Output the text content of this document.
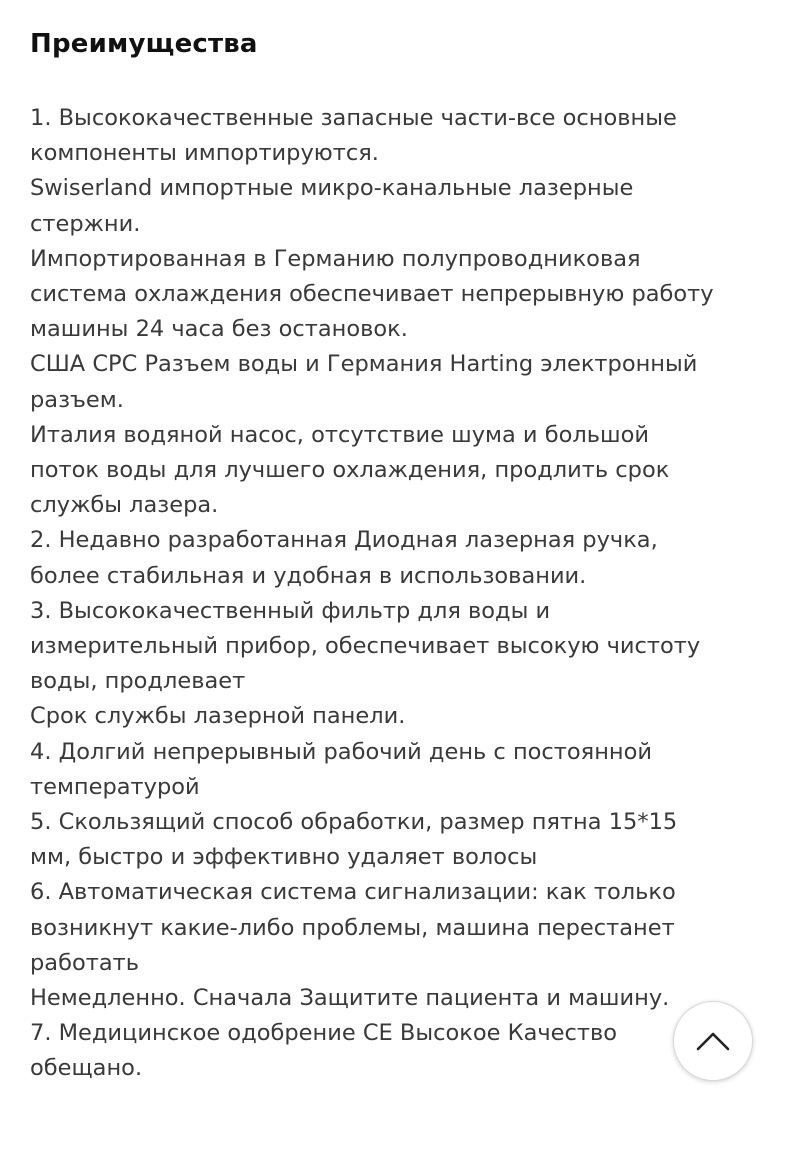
Преимущества
1. Высококачественные запасные части-все основные
компоненты импортируются.
Swiserland импортные микро-канальные лазерные
стержни.
Импортированная в Германию полупроводниковая
система охлаждения обеспечивает непрерывную работу
машины 24 часа без остановок.
США CPC Разъем воды и Германия Harting электронный
разъем.
Италия водяной насос, отсутствие шума и большой
поток воды для лучшего охлаждения, продлить срок
службы лазера.
2. Недавно разработанная Диодная лазерная ручка,
более стабильная и удобная в использовании.
3. Высококачественный фильтр для воды и
измерительный прибор, обеспечивает высокую чистоту
воды, продлевает
Срок службы лазерной панели.
4. Долгий непрерывный рабочий день с постоянной
температурой
5. Скользящий способ обработки, размер пятна 15*15
мм, быстро и эффективно удаляет волосы
6. Автоматическая система сигнализации: как только
возникнут какие-либо проблемы, машина перестанет
работать
Немедленно. Сначала Защитите пациента и машину.
7. Медицинское одобрение CE Высокое Качество
обещано.
